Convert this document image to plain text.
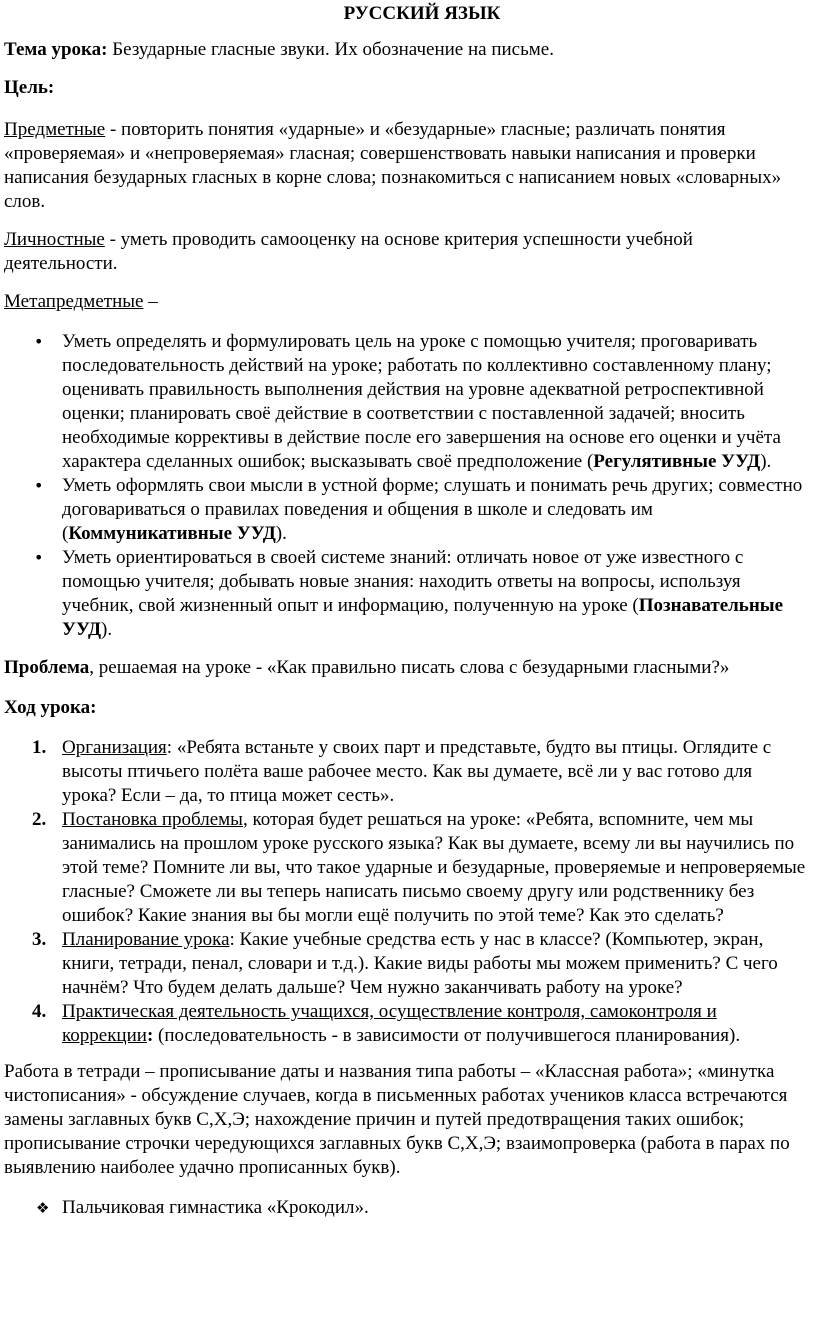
РУССКИЙ ЯЗЫК

Тема урока: Безударные гласные звуки. Их обозначение на письме.

Цель:

Предметные - повторить понятия «ударные» и «безударные» гласные; различать понятия «проверяемая» и «непроверяемая» гласная; совершенствовать навыки написания и проверки написания безударных гласных в корне слова; познакомиться с написанием новых «словарных» слов.

Личностные - уметь проводить самооценку на основе критерия успешности учебной деятельности.

Метапредметные –

• Уметь определять и формулировать цель на уроке с помощью учителя; проговаривать последовательность действий на уроке; работать по коллективно составленному плану; оценивать правильность выполнения действия на уровне адекватной ретроспективной оценки; планировать своё действие в соответствии с поставленной задачей; вносить необходимые коррективы в действие после его завершения на основе его оценки и учёта характера сделанных ошибок; высказывать своё предположение (Регулятивные УУД).
• Уметь оформлять свои мысли в устной форме; слушать и понимать речь других; совместно договариваться о правилах поведения и общения в школе и следовать им (Коммуникативные УУД).
• Уметь ориентироваться в своей системе знаний: отличать новое от уже известного с помощью учителя; добывать новые знания: находить ответы на вопросы, используя учебник, свой жизненный опыт и информацию, полученную на уроке (Познавательные УУД).

Проблема, решаемая на уроке - «Как правильно писать слова с безударными гласными?»

Ход урока:

1. Организация: «Ребята встаньте у своих парт и представьте, будто вы птицы. Оглядите с высоты птичьего полёта ваше рабочее место. Как вы думаете, всё ли у вас готово для урока? Если – да, то птица может сесть».
2. Постановка проблемы, которая будет решаться на уроке: «Ребята, вспомните, чем мы занимались на прошлом уроке русского языка? Как вы думаете, всему ли вы научились по этой теме? Помните ли вы, что такое ударные и безударные, проверяемые и непроверяемые гласные? Сможете ли вы теперь написать письмо своему другу или родственнику без ошибок? Какие знания вы бы могли ещё получить по этой теме? Как это сделать?
3. Планирование урока: Какие учебные средства есть у нас в классе? (Компьютер, экран, книги, тетради, пенал, словари и т.д.). Какие виды работы мы можем применить? С чего начнём? Что будем делать дальше? Чем нужно заканчивать работу на уроке?
4. Практическая деятельность учащихся, осуществление контроля, самоконтроля и коррекции: (последовательность - в зависимости от получившегося планирования).

Работа в тетради – прописывание даты и названия типа работы – «Классная работа»; «минутка чистописания» - обсуждение случаев, когда в письменных работах учеников класса встречаются замены заглавных букв С,Х,Э; нахождение причин и путей предотвращения таких ошибок; прописывание строчки чередующихся заглавных букв С,Х,Э; взаимопроверка (работа в парах по выявлению наиболее удачно прописанных букв).

❖ Пальчиковая гимнастика «Крокодил».
